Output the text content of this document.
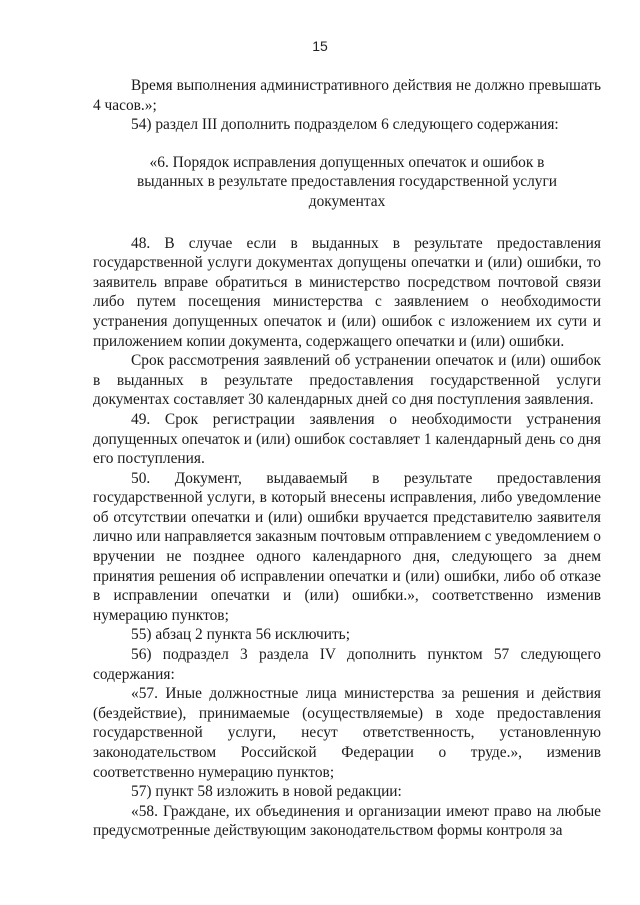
15

Время выполнения административного действия не должно превышать 4 часов.»;

54) раздел III дополнить подразделом 6 следующего содержания:

«6. Порядок исправления допущенных опечаток и ошибок в выданных в результате предоставления государственной услуги документах

48. В случае если в выданных в результате предоставления государственной услуги документах допущены опечатки и (или) ошибки, то заявитель вправе обратиться в министерство посредством почтовой связи либо путем посещения министерства с заявлением о необходимости устранения допущенных опечаток и (или) ошибок с изложением их сути и приложением копии документа, содержащего опечатки и (или) ошибки.

Срок рассмотрения заявлений об устранении опечаток и (или) ошибок в выданных в результате предоставления государственной услуги документах составляет 30 календарных дней со дня поступления заявления.

49. Срок регистрации заявления о необходимости устранения допущенных опечаток и (или) ошибок составляет 1 календарный день со дня его поступления.

50. Документ, выдаваемый в результате предоставления государственной услуги, в который внесены исправления, либо уведомление об отсутствии опечатки и (или) ошибки вручается представителю заявителя лично или направляется заказным почтовым отправлением с уведомлением о вручении не позднее одного календарного дня, следующего за днем принятия решения об исправлении опечатки и (или) ошибки, либо об отказе в исправлении опечатки и (или) ошибки.», соответственно изменив нумерацию пунктов;

55) абзац 2 пункта 56 исключить;

56) подраздел 3 раздела IV дополнить пунктом 57 следующего содержания:

«57. Иные должностные лица министерства за решения и действия (бездействие), принимаемые (осуществляемые) в ходе предоставления государственной услуги, несут ответственность, установленную законодательством Российской Федерации о труде.», изменив соответственно нумерацию пунктов;

57) пункт 58 изложить в новой редакции:

«58. Граждане, их объединения и организации имеют право на любые предусмотренные действующим законодательством формы контроля за
